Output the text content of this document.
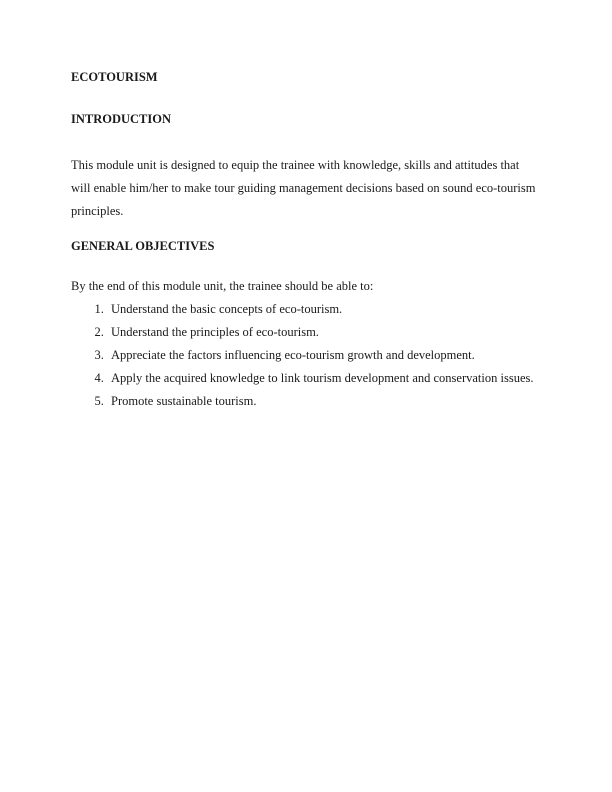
ECOTOURISM
INTRODUCTION

This module unit is designed to equip the trainee with knowledge, skills and attitudes that will enable him/her to make tour guiding management decisions based on sound eco-tourism principles.

GENERAL OBJECTIVES

By the end of this module unit, the trainee should be able to:

1. Understand the basic concepts of eco-tourism.
2. Understand the principles of eco-tourism.
3. Appreciate the factors influencing eco-tourism growth and development.
4. Apply the acquired knowledge to link tourism development and conservation issues.
5. Promote sustainable tourism.
